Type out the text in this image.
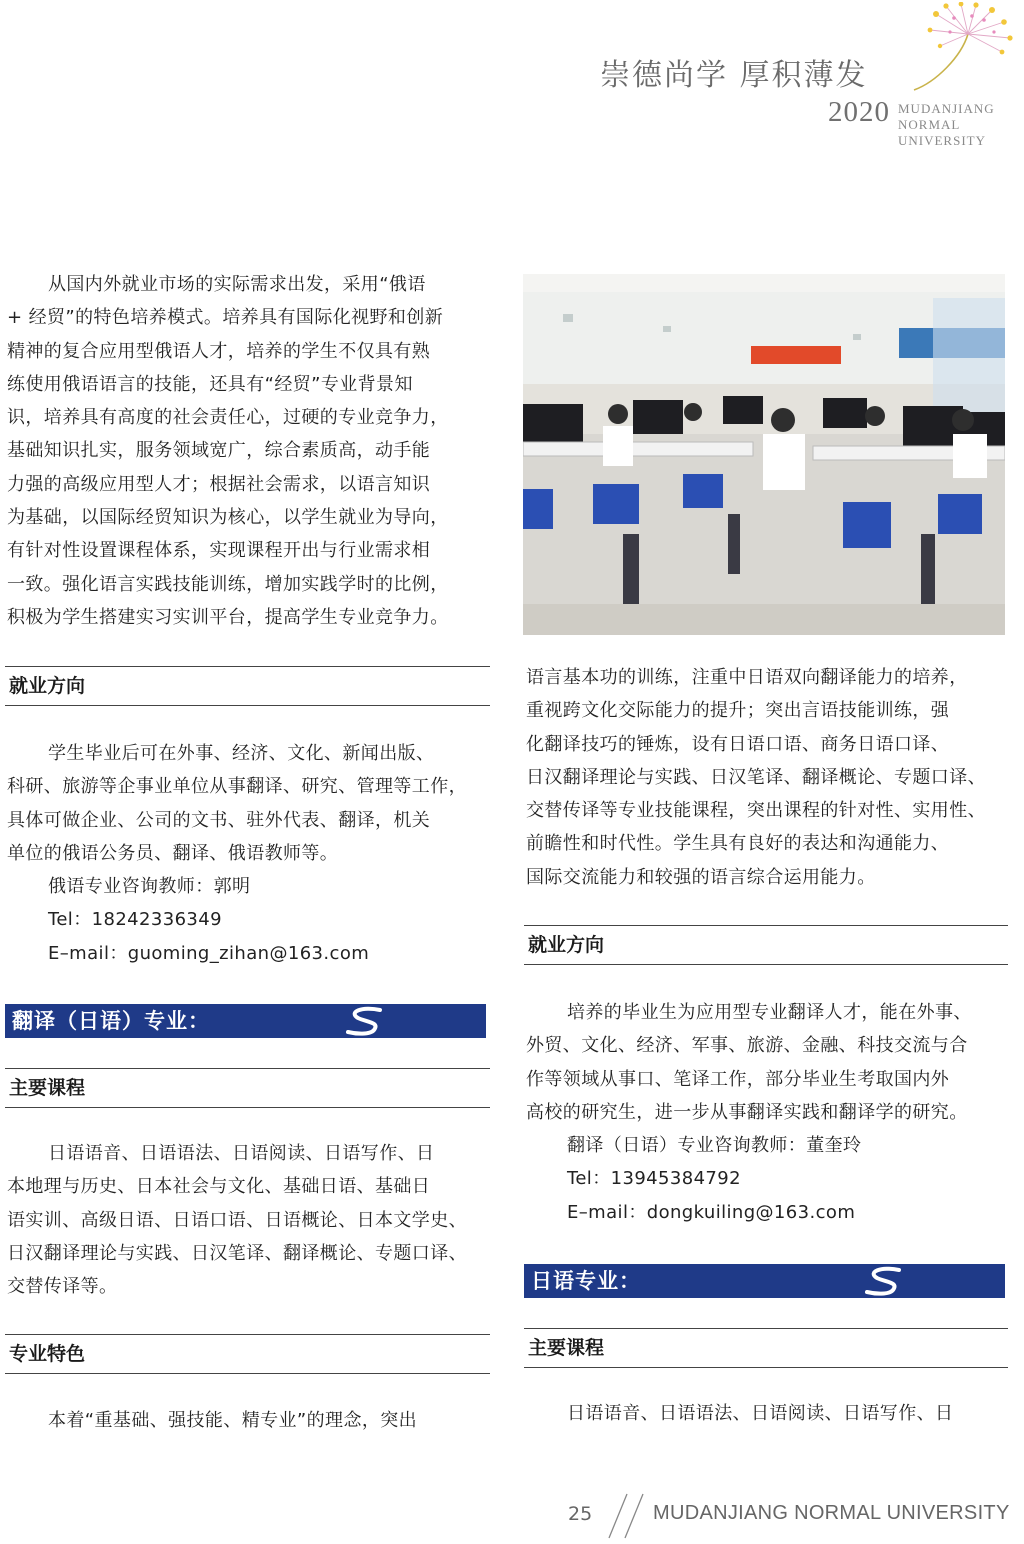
崇德尚学 厚积薄发
2020 MUDANJIANG
NORMAL
UNIVERSITY
从国内外就业市场的实际需求出发，采用“俄语
+ 经贸”的特色培养模式。培养具有国际化视野和创新
精神的复合应用型俄语人才，培养的学生不仅具有熟
练使用俄语语言的技能，还具有“经贸”专业背景知
识，培养具有高度的社会责任心，过硬的专业竞争力，
基础知识扎实，服务领域宽广，综合素质高，动手能
力强的高级应用型人才；根据社会需求，以语言知识
为基础，以国际经贸知识为核心，以学生就业为导向，
有针对性设置课程体系，实现课程开出与行业需求相
一致。强化语言实践技能训练，增加实践学时的比例，
积极为学生搭建实习实训平台，提高学生专业竞争力。
就业方向
学生毕业后可在外事、经济、文化、新闻出版、
科研、旅游等企事业单位从事翻译、研究、管理等工作，
具体可做企业、公司的文书、驻外代表、翻译，机关
单位的俄语公务员、翻译、俄语教师等。
俄语专业咨询教师：郭明
Tel：18242336349
E–mail：guoming_zihan@163.com
翻译（日语）专业：
主要课程
日语语音、日语语法、日语阅读、日语写作、日
本地理与历史、日本社会与文化、基础日语、基础日
语实训、高级日语、日语口语、日语概论、日本文学史、
日汉翻译理论与实践、日汉笔译、翻译概论、专题口译、
交替传译等。
专业特色
本着“重基础、强技能、精专业”的理念，突出
语言基本功的训练，注重中日语双向翻译能力的培养，
重视跨文化交际能力的提升；突出言语技能训练，强
化翻译技巧的锤炼，设有日语口语、商务日语口译、
日汉翻译理论与实践、日汉笔译、翻译概论、专题口译、
交替传译等专业技能课程，突出课程的针对性、实用性、
前瞻性和时代性。学生具有良好的表达和沟通能力、
国际交流能力和较强的语言综合运用能力。
就业方向
培养的毕业生为应用型专业翻译人才，能在外事、
外贸、文化、经济、军事、旅游、金融、科技交流与合
作等领域从事口、笔译工作，部分毕业生考取国内外
高校的研究生，进一步从事翻译实践和翻译学的研究。
翻译（日语）专业咨询教师：董奎玲
Tel：13945384792
E–mail：dongkuiling@163.com
日语专业：
主要课程
日语语音、日语语法、日语阅读、日语写作、日
25	MUDANJIANG NORMAL UNIVERSITY
